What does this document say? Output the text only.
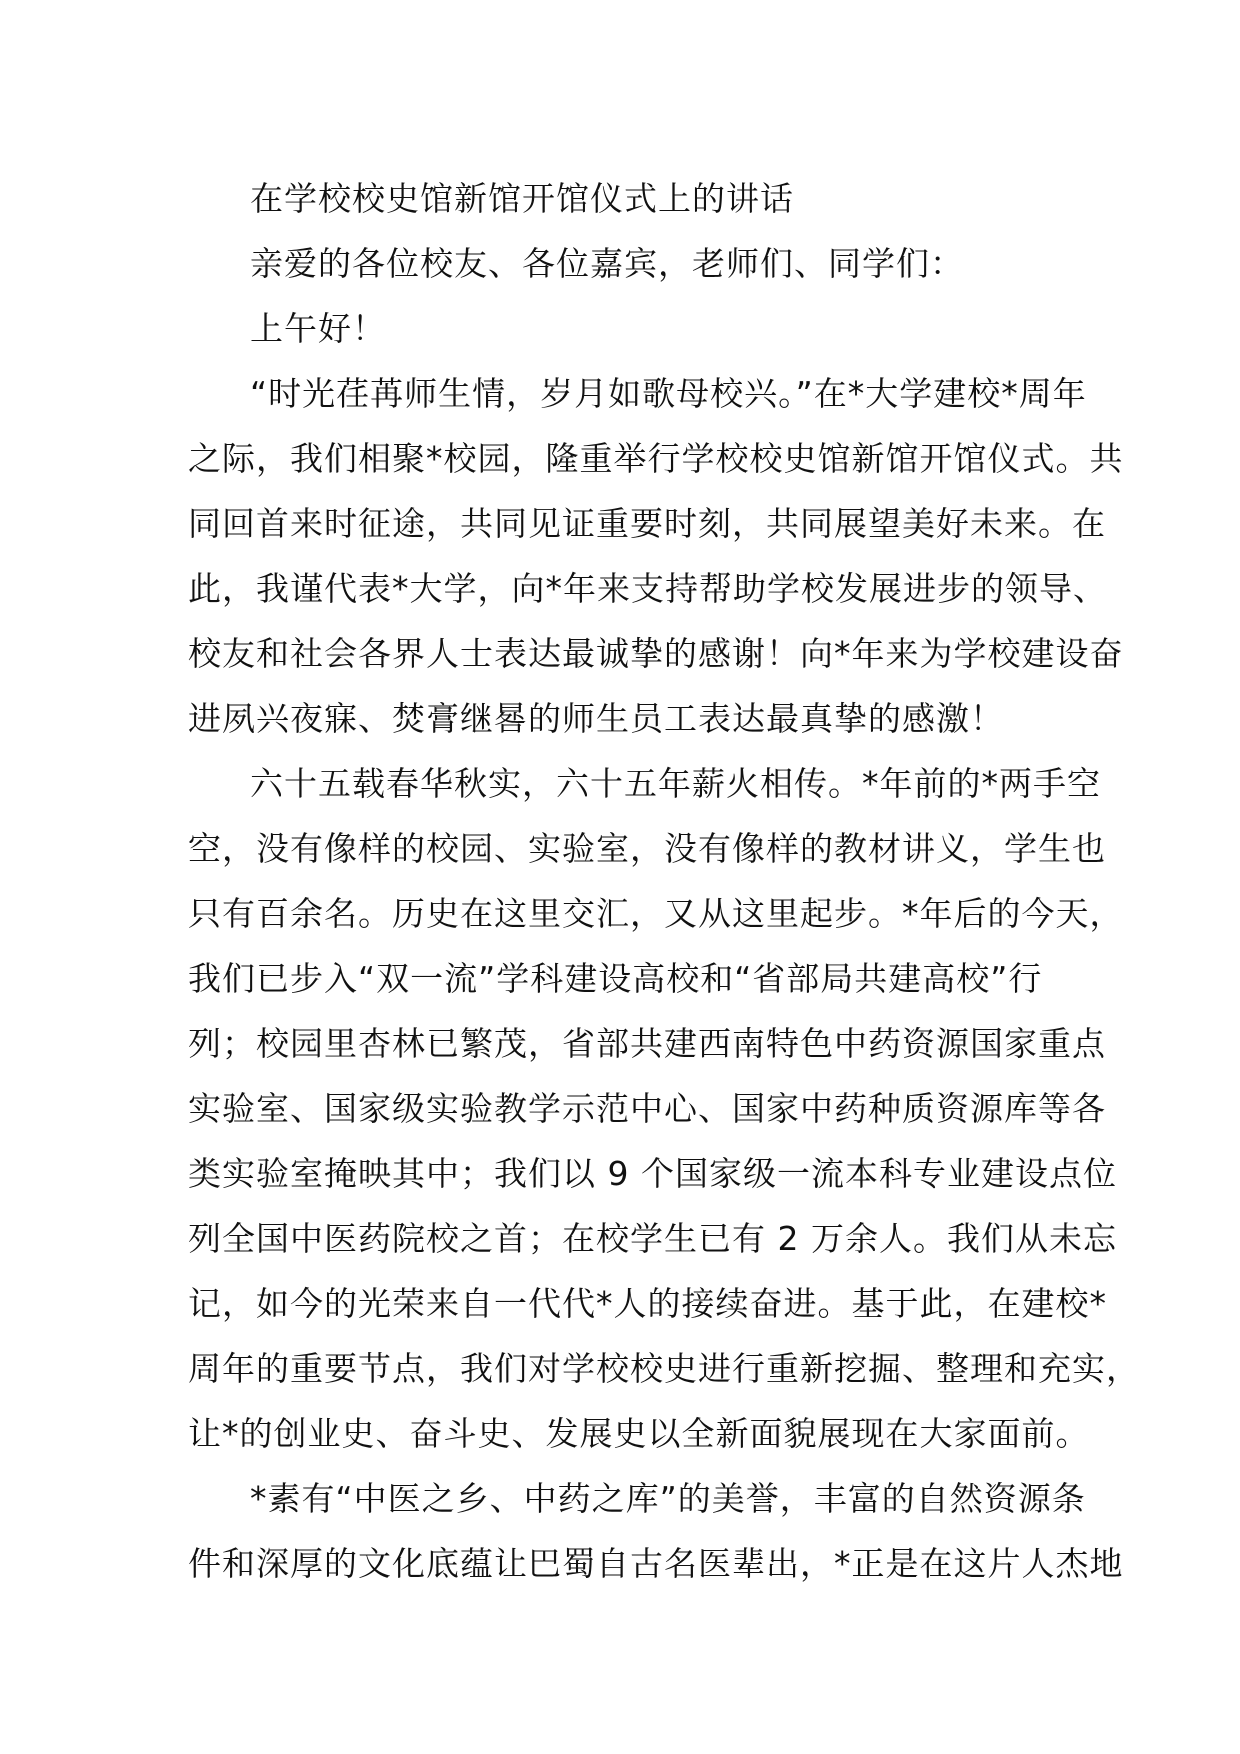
在学校校史馆新馆开馆仪式上的讲话
亲爱的各位校友、各位嘉宾，老师们、同学们：
上午好！
“时光荏苒师生情，岁月如歌母校兴。”在*大学建校*周年
之际，我们相聚*校园，隆重举行学校校史馆新馆开馆仪式。共
同回首来时征途，共同见证重要时刻，共同展望美好未来。在
此，我谨代表*大学，向*年来支持帮助学校发展进步的领导、
校友和社会各界人士表达最诚挚的感谢！向*年来为学校建设奋
进夙兴夜寐、焚膏继晷的师生员工表达最真挚的感激！
六十五载春华秋实，六十五年薪火相传。*年前的*两手空
空，没有像样的校园、实验室，没有像样的教材讲义，学生也
只有百余名。历史在这里交汇，又从这里起步。*年后的今天，
我们已步入“双一流”学科建设高校和“省部局共建高校”行
列；校园里杏林已繁茂，省部共建西南特色中药资源国家重点
实验室、国家级实验教学示范中心、国家中药种质资源库等各
类实验室掩映其中；我们以 9 个国家级一流本科专业建设点位
列全国中医药院校之首；在校学生已有 2 万余人。我们从未忘
记，如今的光荣来自一代代*人的接续奋进。基于此，在建校*
周年的重要节点，我们对学校校史进行重新挖掘、整理和充实，
让*的创业史、奋斗史、发展史以全新面貌展现在大家面前。
*素有“中医之乡、中药之库”的美誉，丰富的自然资源条
件和深厚的文化底蕴让巴蜀自古名医辈出，*正是在这片人杰地
